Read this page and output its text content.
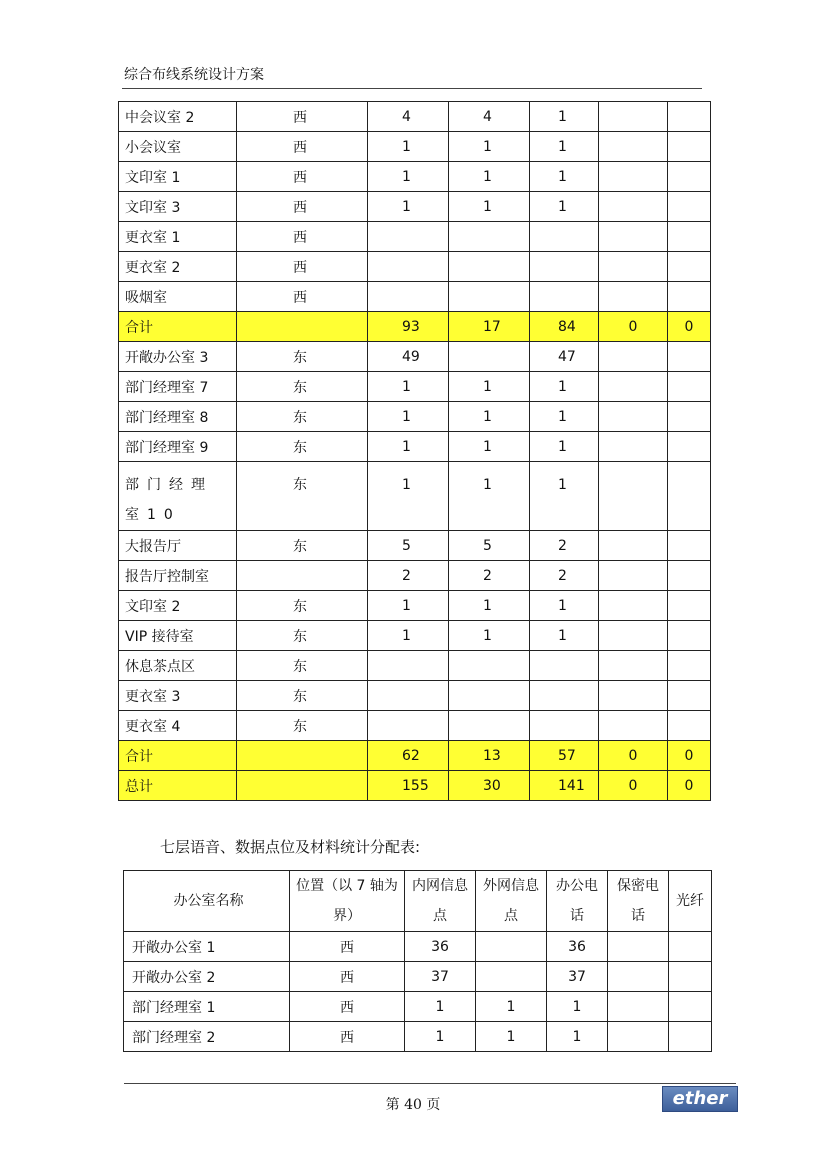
综合布线系统设计方案
中会议室 2	西	4	4	1		
小会议室	西	1	1	1		
文印室 1	西	1	1	1		
文印室 3	西	1	1	1		
更衣室 1	西					
更衣室 2	西					
吸烟室	西					
合计		93	17	84	0	0
开敞办公室 3	东	49		47		
部门经理室 7	东	1	1	1		
部门经理室 8	东	1	1	1		
部门经理室 9	东	1	1	1		
部门经理室10	东	1	1	1		
大报告厅	东	5	5	2		
报告厅控制室		2	2	2		
文印室 2	东	1	1	1		
VIP 接待室	东	1	1	1		
休息茶点区	东					
更衣室 3	东					
更衣室 4	东					
合计		62	13	57	0	0
总计		155	30	141	0	0
七层语音、数据点位及材料统计分配表:
办公室名称	位置（以 7 轴为界）	内网信息点	外网信息点	办公电话	保密电话	光纤
开敞办公室 1	西	36		36		
开敞办公室 2	西	37		37		
部门经理室 1	西	1	1	1		
部门经理室 2	西	1	1	1		
第 40 页	ether
